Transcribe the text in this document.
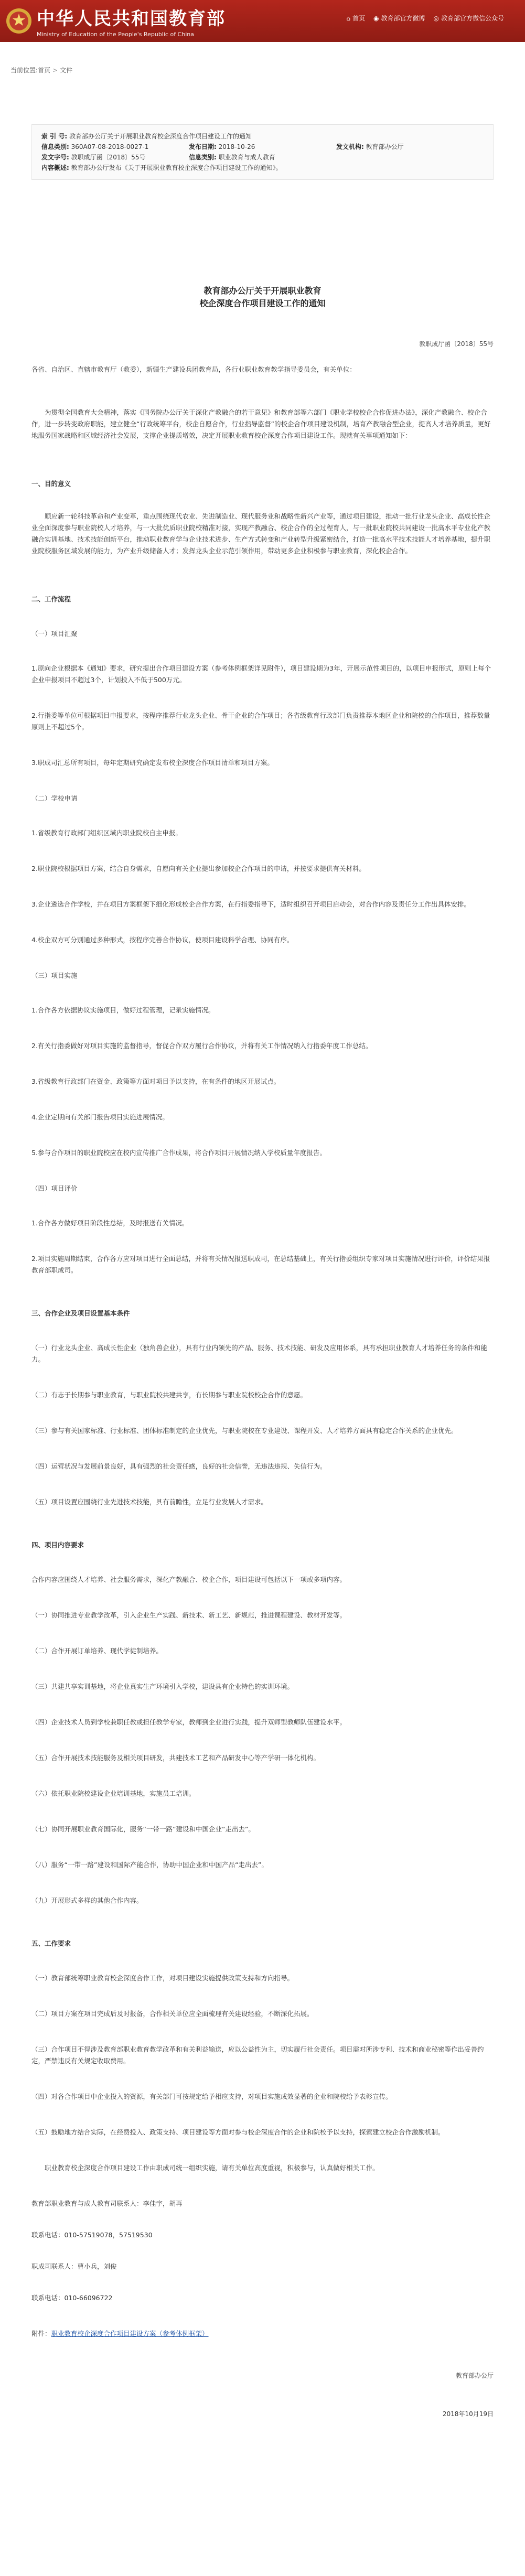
中华人民共和国教育部
Ministry of Education of the People's Republic of China
⌂ 首页 ◉ 教育部官方微博 ◎ 教育部官方微信公众号
当前位置:首页 > 文件
索 引 号: 教育部办公厅关于开展职业教育校企深度合作项目建设工作的通知
信息类别: 360A07-08-2018-0027-1	发布日期: 2018-10-26	发文机构: 教育部办公厅
发文字号: 教职成厅函〔2018〕55号	信息类别: 职业教育与成人教育
内容概述: 教育部办公厅发布《关于开展职业教育校企深度合作项目建设工作的通知》。
教育部办公厅关于开展职业教育
校企深度合作项目建设工作的通知
教职成厅函〔2018〕55号

各省、自治区、直辖市教育厅（教委），新疆生产建设兵团教育局，各行业职业教育教学指导委员会，有关单位：

为贯彻全国教育大会精神，落实《国务院办公厅关于深化产教融合的若干意见》和教育部等六部门《职业学校校企合作促进办法》，深化产教融合、校企合作，进一步转变政府职能，建立健全“行政统筹平台，校企自愿合作，行业指导监督”的校企合作项目建设机制，培育产教融合型企业，提高人才培养质量，更好地服务国家战略和区域经济社会发展，支撑企业提质增效，决定开展职业教育校企深度合作项目建设工作。现就有关事项通知如下：

一、目的意义

顺应新一轮科技革命和产业变革，重点围绕现代农业、先进制造业、现代服务业和战略性新兴产业等，通过项目建设，推动一批行业龙头企业、高成长性企业全面深度参与职业院校人才培养，与一大批优质职业院校精准对接，实现产教融合、校企合作的全过程育人，与一批职业院校共同建设一批高水平专业化产教融合实训基地、技术技能创新平台，推动职业教育学与企业技术进步、生产方式转变和产业转型升级紧密结合，打造一批高水平技术技能人才培养基地，提升职业院校服务区域发展的能力，为产业升级储备人才；发挥龙头企业示范引领作用，带动更多企业积极参与职业教育，深化校企合作。

二、工作流程

（一）项目汇聚

1.原向企业根据本《通知》要求，研究提出合作项目建设方案（参考体例框架详见附件），项目建设期为3年，开展示范性项目的，以项目申报形式，原则上每个企业申报项目不超过3个，计划投入不低于500万元。

2.行指委等单位可根据项目申报要求，按程序推荐行业龙头企业、骨干企业的合作项目；各省级教育行政部门负责推荐本地区企业和院校的合作项目，推荐数量原则上不超过5个。

3.职成司汇总所有项目，每年定期研究确定发布校企深度合作项目清单和项目方案。

（二）学校申请

1.省级教育行政部门组织区域内职业院校自主申报。

2.职业院校根据项目方案，结合自身需求，自愿向有关企业提出参加校企合作项目的申请，并按要求提供有关材料。

3.企业遴选合作学校，并在项目方案框架下细化形成校企合作方案，在行指委指导下，适时组织召开项目启动会，对合作内容及责任分工作出具体安排。

4.校企双方可分别通过多种形式，按程序完善合作协议，使项目建设科学合理、协同有序。

（三）项目实施

1.合作各方依据协议实施项目，做好过程管理，记录实施情况。

2.有关行指委做好对项目实施的监督指导，督促合作双方履行合作协议，并将有关工作情况纳入行指委年度工作总结。

3.省级教育行政部门在资金、政策等方面对项目予以支持，在有条件的地区开展试点。

4.企业定期向有关部门报告项目实施进展情况。

5.参与合作项目的职业院校应在校内宣传推广合作成果，将合作项目开展情况纳入学校质量年度报告。

（四）项目评价

1.合作各方做好项目阶段性总结，及时报送有关情况。

2.项目实施周期结束，合作各方应对项目进行全面总结，并将有关情况报送职成司，在总结基础上，有关行指委组织专家对项目实施情况进行评价，评价结果报教育部职成司。

三、合作企业及项目设置基本条件

（一）行业龙头企业、高成长性企业（独角兽企业），具有行业内领先的产品、服务、技术技能、研发及应用体系，具有承担职业教育人才培养任务的条件和能力。

（二）有志于长期参与职业教育，与职业院校共建共享，有长期参与职业院校校企合作的意愿。

（三）参与有关国家标准、行业标准、团体标准制定的企业优先，与职业院校在专业建设、课程开发、人才培养方面具有稳定合作关系的企业优先。

（四）运营状况与发展前景良好，具有强烈的社会责任感，良好的社会信誉，无违法违规、失信行为。

（五）项目设置应围绕行业先进技术技能，具有前瞻性，立足行业发展人才需求。

四、项目内容要求

合作内容应围绕人才培养、社会服务需求，深化产教融合、校企合作，项目建设可包括以下一项或多项内容。

（一）协同推进专业教学改革，引入企业生产实践、新技术、新工艺、新规范，推进课程建设、教材开发等。

（二）合作开展订单培养、现代学徒制培养。

（三）共建共享实训基地，将企业真实生产环境引入学校，建设具有企业特色的实训环境。

（四）企业技术人员到学校兼职任教或担任教学专家，教师到企业进行实践，提升双师型教师队伍建设水平。

（五）合作开展技术技能服务及相关项目研发，共建技术工艺和产品研发中心等产学研一体化机构。

（六）依托职业院校建设企业培训基地，实施员工培训。

（七）协同开展职业教育国际化，服务“一带一路”建设和中国企业“走出去”。

（八）服务“一带一路”建设和国际产能合作，协助中国企业和中国产品“走出去”。

（九）开展形式多样的其他合作内容。

五、工作要求

（一）教育部统筹职业教育校企深度合作工作，对项目建设实施提供政策支持和方向指导。

（二）项目方案在项目完成后及时报备，合作相关单位应全面梳理有关建设经验，不断深化拓展。

（三）合作项目不得涉及教育部职业教育教学改革和有关利益输送，应以公益性为主，切实履行社会责任。项目需对所涉专利、技术和商业秘密等作出妥善约定，严禁违反有关规定收取费用。

（四）对各合作项目中企业投入的资源，有关部门可按规定给予相应支持，对项目实施成效显著的企业和院校给予表彰宣传。

（五）鼓励地方结合实际，在经费投入、政策支持、项目建设等方面对参与校企深度合作的企业和院校予以支持，探索建立校企合作激励机制。

职业教育校企深度合作项目建设工作由职成司统一组织实施，请有关单位高度重视，积极参与，认真做好相关工作。

教育部职业教育与成人教育司联系人：李佳宇，胡再

联系电话：010-57519078，57519530

职成司联系人：曹小兵，刘俊

联系电话：010-66096722

附件：职业教育校企深度合作项目建设方案（参考体例框架）

教育部办公厅
2018年10月19日
